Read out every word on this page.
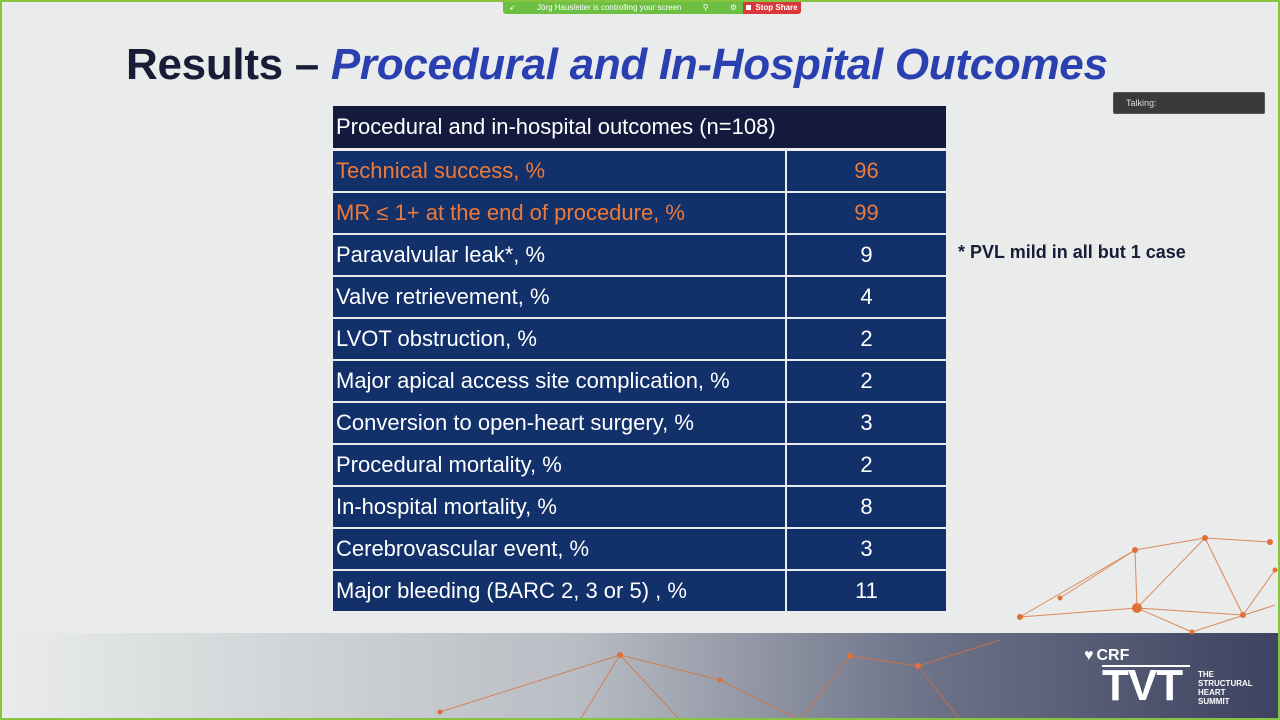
➶	Jörg Hausleiter is controlling your screen	⚲	⚙ Stop Share
Talking:
Results – Procedural and In-Hospital Outcomes
Procedural and in-hospital outcomes (n=108)	
Technical success, %	96
MR ≤ 1+ at the end of procedure, %	99
Paravalvular leak*, %	9
Valve retrievement, %	4
LVOT obstruction, %	2
Major apical access site complication, %	2
Conversion to open-heart surgery, %	3
Procedural mortality, %	2
In-hospital mortality, %	8
Cerebrovascular event, %	3
Major bleeding (BARC 2, 3 or 5) , %	11
* PVL mild in all but 1 case
♥ CRF
TVT THE
STRUCTURAL
HEART
SUMMIT
